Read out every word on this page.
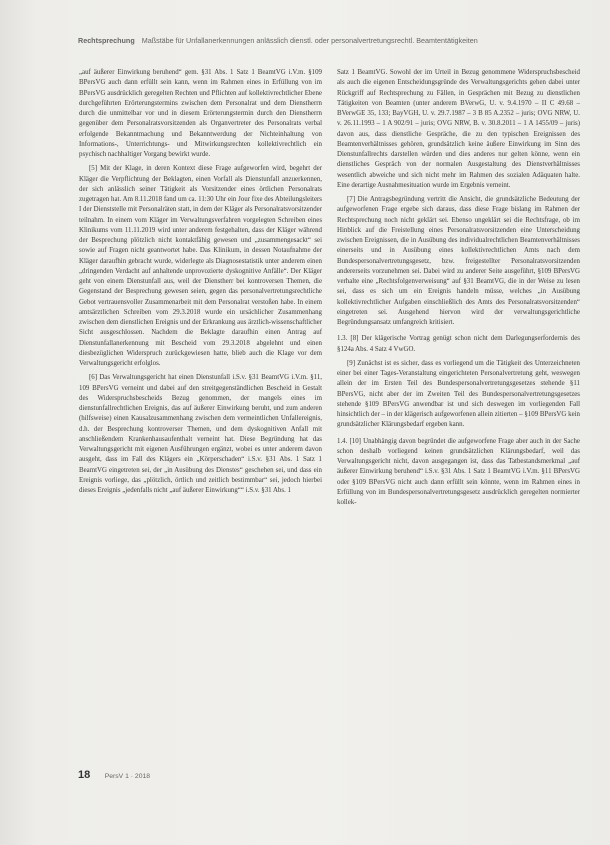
Rechtsprechung Maßstäbe für Unfallanerkennungen anlässlich dienstl. oder personalvertretungsrechtl. Beamtentätigkeiten

„auf äußerer Einwirkung beruhend“ gem. §31 Abs. 1 Satz 1 BeamtVG i.V.m. §109 BPersVG auch dann erfüllt sein kann, wenn im Rahmen eines in Erfüllung von im BPersVG ausdrücklich geregelten Rechten und Pflichten auf kollektivrechtlicher Ebene durchgeführten Erörterungstermins zwischen dem Personalrat und dem Dienstherrn durch die unmittelbar vor und in diesem Erörterungstermin durch den Dienstherrn gegenüber dem Personalratsvorsitzenden als Organvertreter des Personalrats verbal erfolgende Bekanntmachung und Bekanntwerdung der Nichteinhaltung von Informations-, Unterrichtungs- und Mitwirkungsrechten kollektivrechtlich ein psychisch nachhaltiger Vorgang bewirkt wurde.

[5] Mit der Klage, in deren Kontext diese Frage aufgeworfen wird, begehrt der Kläger die Verpflichtung der Beklagten, einen Vorfall als Dienstunfall anzuerkennen, der sich anlässlich seiner Tätigkeit als Vorsitzender eines örtlichen Personalrats zugetragen hat. Am 8.11.2018 fand um ca. 11:30 Uhr ein Jour fixe des Abteilungsleiters I der Dienststelle mit Personalräten statt, in dem der Kläger als Personalratsvorsitzender teilnahm. In einem vom Kläger im Verwaltungsverfahren vorgelegten Schreiben eines Klinikums vom 11.11.2019 wird unter anderem festgehalten, dass der Kläger während der Besprechung plötzlich nicht kontaktfähig gewesen und „zusammengesackt“ sei sowie auf Fragen nicht geantwortet habe. Das Klinikum, in dessen Notaufnahme der Kläger daraufhin gebracht wurde, widerlegte als Diagnosestatistik unter anderem einen „dringenden Verdacht auf anhaltende unprovozierte dyskognitive Anfälle“. Der Kläger geht von einem Dienstunfall aus, weil der Dienstherr bei kontroversen Themen, die Gegenstand der Besprechung gewesen seien, gegen das personalvertretungsrechtliche Gebot vertrauensvoller Zusammenarbeit mit dem Personalrat verstoßen habe. In einem amtsärztlichen Schreiben vom 29.3.2018 wurde ein ursächlicher Zusammenhang zwischen dem dienstlichen Ereignis und der Erkrankung aus ärztlich-wissenschaftlicher Sicht ausgeschlossen. Nachdem die Beklagte daraufhin einen Antrag auf Dienstunfallanerkennung mit Bescheid vom 29.3.2018 abgelehnt und einen diesbezüglichen Widerspruch zurückgewiesen hatte, blieb auch die Klage vor dem Verwaltungsgericht erfolglos.

[6] Das Verwaltungsgericht hat einen Dienstunfall i.S.v. §31 BeamtVG i.V.m. §11, 109 BPersVG verneint und dabei auf den streitgegenständlichen Bescheid in Gestalt des Widerspruchsbescheids Bezug genommen, der mangels eines im dienstunfallrechtlichen Ereignis, das auf äußerer Einwirkung beruht, und zum anderen (hilfsweise) einen Kausalzusammenhang zwischen dem vermeintlichen Unfallereignis, d.h. der Besprechung kontroverser Themen, und dem dyskognitiven Anfall mit anschließendem Krankenhausaufenthalt verneint hat. Diese Begründung hat das Verwaltungsgericht mit eigenen Ausführungen ergänzt, wobei es unter anderem davon ausgeht, dass im Fall des Klägers ein „Körperschaden“ i.S.v. §31 Abs. 1 Satz 1 BeamtVG eingetreten sei, der „in Ausübung des Dienstes“ geschehen sei, und dass ein Ereignis vorliege, das „plötzlich, örtlich und zeitlich bestimmbar“ sei, jedoch hierbei dieses Ereignis „jedenfalls nicht „auf äußerer Einwirkung““ i.S.v. §31 Abs. 1

Satz 1 BeamtVG. Sowohl der im Urteil in Bezug genommene Widerspruchsbescheid als auch die eigenen Entscheidungsgründe des Verwaltungsgerichts gehen dabei unter Rückgriff auf Rechtsprechung zu Fällen, in Gesprächen mit Bezug zu dienstlichen Tätigkeiten von Beamten (unter anderem BVerwG, U. v. 9.4.1970 – II C 49.68 – BVerwGE 35, 133; BayVGH, U. v. 29.7.1987 – 3 B 85 A.2352 – juris; OVG NRW, U. v. 26.11.1993 – 1 A 902/91 – juris; OVG NRW, B. v. 30.8.2011 – 1 A 1455/09 – juris) davon aus, dass dienstliche Gespräche, die zu den typischen Ereignissen des Beamtenverhältnisses gehören, grundsätzlich keine äußere Einwirkung im Sinn des Dienstunfallrechts darstellen würden und dies anderes nur gelten könne, wenn ein dienstliches Gespräch von der normalen Ausgestaltung des Dienstverhältnisses wesentlich abweiche und sich nicht mehr im Rahmen des sozialen Adäquaten halte. Eine derartige Ausnahmesituation wurde im Ergebnis verneint.

[7] Die Antragsbegründung vertritt die Ansicht, die grundsätzliche Bedeutung der aufgeworfenen Frage ergebe sich daraus, dass diese Frage bislang im Rahmen der Rechtsprechung noch nicht geklärt sei. Ebenso ungeklärt sei die Rechtsfrage, ob im Hinblick auf die Freistellung eines Personalratsvorsitzenden eine Unterscheidung zwischen Ereignissen, die in Ausübung des individualrechtlichen Beamtenverhältnisses einerseits und in Ausübung eines kollektivrechtlichen Amts nach dem Bundespersonalvertretungsgesetz, bzw. freigestellter Personalratsvorsitzenden andererseits vorzunehmen sei. Dabei wird zu anderer Seite ausgeführt, §109 BPersVG verhalte eine „Rechtsfolgenverweisung“ auf §31 BeamtVG, die in der Weise zu lesen sei, dass es sich um ein Ereignis handeln müsse, welches „in Ausübung kollektivrechtlicher Aufgaben einschließlich des Amts des Personalratsvorsitzenden“ eingetreten sei. Ausgehend hiervon wird der verwaltungsgerichtliche Begründungsansatz umfangreich kritisiert.

1.3. [8] Der klägerische Vortrag genügt schon nicht dem Darlegungserfordernis des §124a Abs. 4 Satz 4 VwGO.

[9] Zunächst ist es sicher, dass es vorliegend um die Tätigkeit des Unterzeichneten einer bei einer Tages-Veranstaltung eingerichteten Personalvertretung geht, weswegen allein der im Ersten Teil des Bundespersonalvertretungsgesetzes stehende §11 BPersVG, nicht aber der im Zweiten Teil des Bundespersonalvertretungsgesetzes stehende §109 BPersVG anwendbar ist und sich deswegen im vorliegenden Fall hinsichtlich der – in der klägerisch aufgeworfenen allein zitierten – §109 BPersVG kein grundsätzlicher Klärungsbedarf ergeben kann.

1.4. [10] Unabhängig davon begründet die aufgeworfene Frage aber auch in der Sache schon deshalb vorliegend keinen grundsätzlichen Klärungsbedarf, weil das Verwaltungsgericht nicht, davon ausgegangen ist, dass das Tatbestandsmerkmal „auf äußerer Einwirkung beruhend“ i.S.v. §31 Abs. 1 Satz 1 BeamtVG i.V.m. §11 BPersVG oder §109 BPersVG nicht auch dann erfüllt sein könnte, wenn im Rahmen eines in Erfüllung von im Bundespersonalvertretungsgesetz ausdrücklich geregelten normierter kollek-

18 PersV 1 · 2018
